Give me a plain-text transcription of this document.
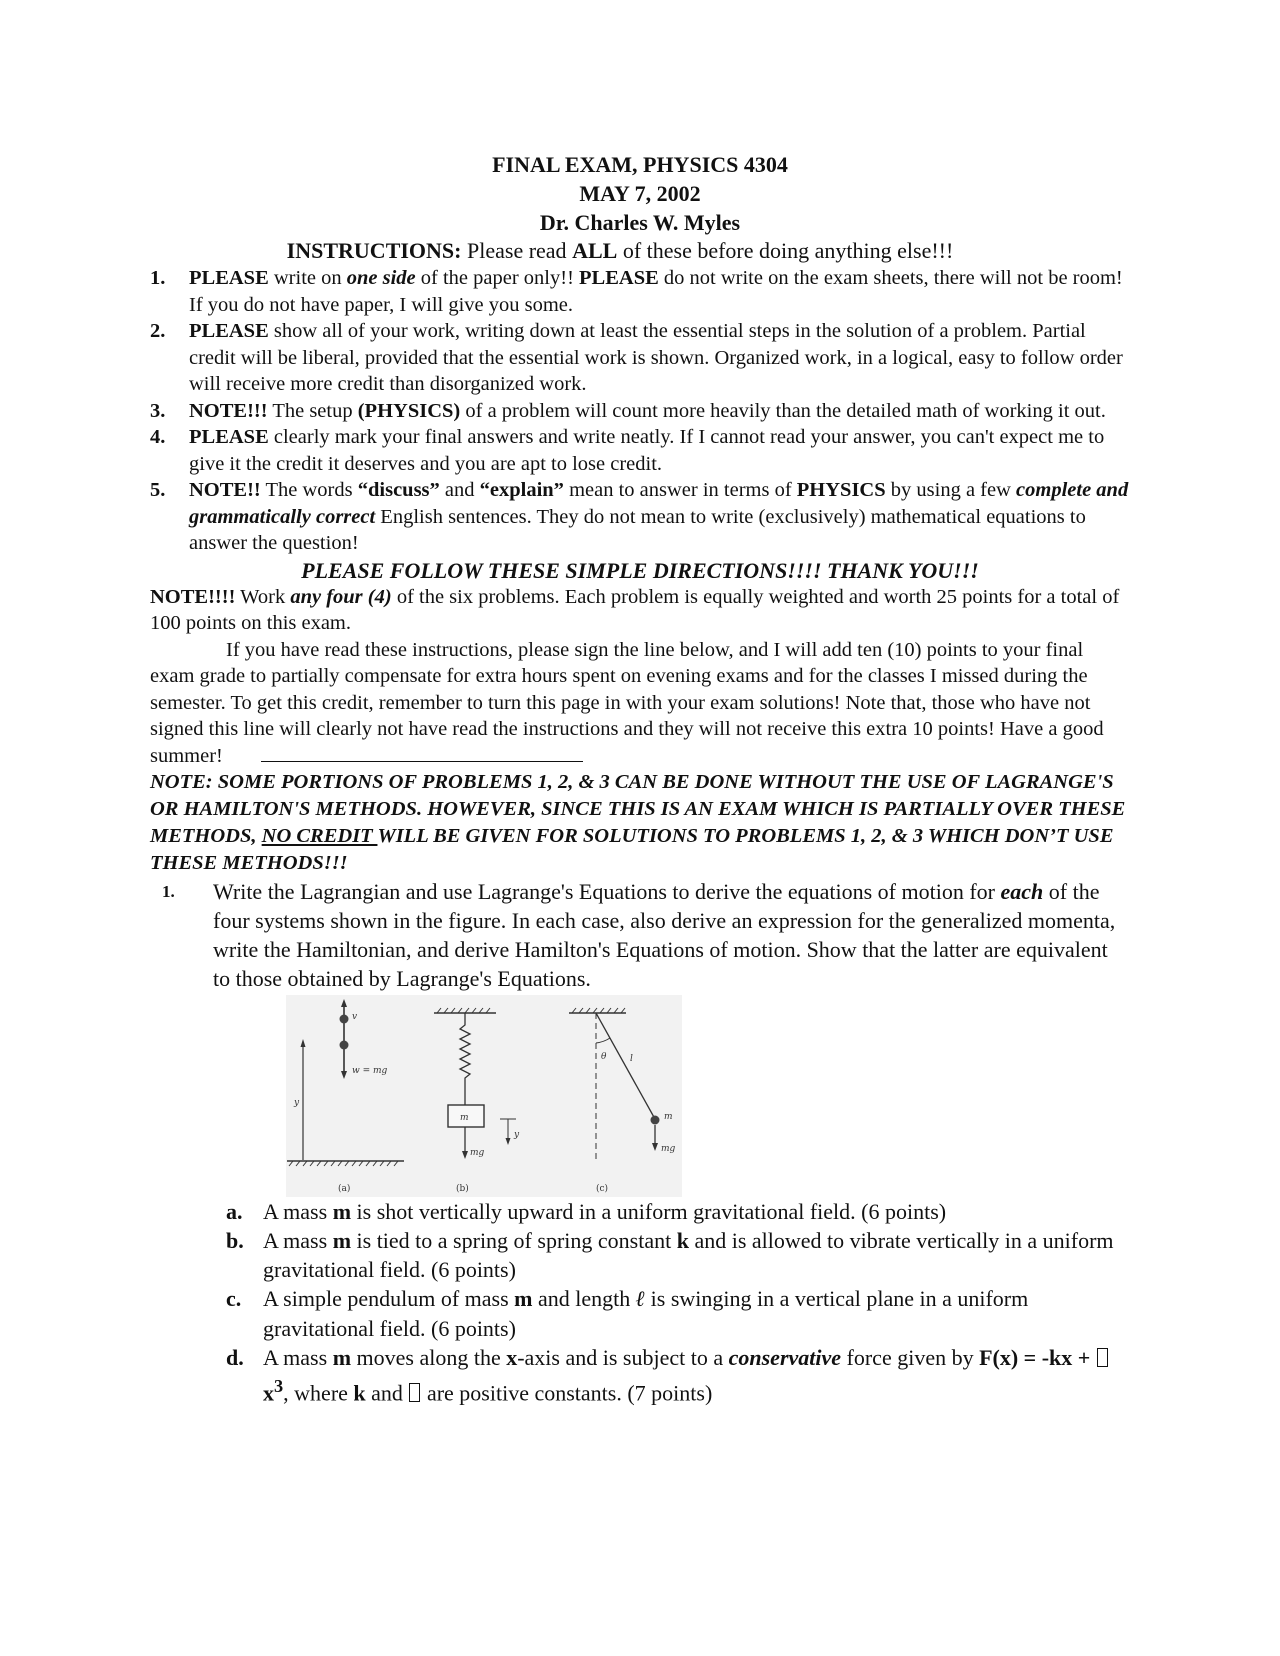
FINAL EXAM, PHYSICS 4304
MAY 7, 2002
Dr. Charles W. Myles
INSTRUCTIONS: Please read ALL of these before doing anything else!!!
1. PLEASE write on one side of the paper only!! PLEASE do not write on the exam sheets, there will not be room! If you do not have paper, I will give you some.
2. PLEASE show all of your work, writing down at least the essential steps in the solution of a problem. Partial credit will be liberal, provided that the essential work is shown. Organized work, in a logical, easy to follow order will receive more credit than disorganized work.
3. NOTE!!! The setup (PHYSICS) of a problem will count more heavily than the detailed math of working it out.
4. PLEASE clearly mark your final answers and write neatly. If I cannot read your answer, you can't expect me to give it the credit it deserves and you are apt to lose credit.
5. NOTE!! The words “discuss” and “explain” mean to answer in terms of PHYSICS by using a few complete and grammatically correct English sentences. They do not mean to write (exclusively) mathematical equations to answer the question!
PLEASE FOLLOW THESE SIMPLE DIRECTIONS!!!! THANK YOU!!!
NOTE!!!! Work any four (4) of the six problems. Each problem is equally weighted and worth 25 points for a total of 100 points on this exam.
If you have read these instructions, please sign the line below, and I will add ten (10) points to your final exam grade to partially compensate for extra hours spent on evening exams and for the classes I missed during the semester. To get this credit, remember to turn this page in with your exam solutions! Note that, those who have not signed this line will clearly not have read the instructions and they will not receive this extra 10 points! Have a good summer!
NOTE: SOME PORTIONS OF PROBLEMS 1, 2, & 3 CAN BE DONE WITHOUT THE USE OF LAGRANGE'S OR HAMILTON'S METHODS. HOWEVER, SINCE THIS IS AN EXAM WHICH IS PARTIALLY OVER THESE METHODS, NO CREDIT WILL BE GIVEN FOR SOLUTIONS TO PROBLEMS 1, 2, & 3 WHICH DON’T USE THESE METHODS!!!
1. Write the Lagrangian and use Lagrange's Equations to derive the equations of motion for each of the four systems shown in the figure. In each case, also derive an expression for the generalized momenta, write the Hamiltonian, and derive Hamilton's Equations of motion. Show that the latter are equivalent to those obtained by Lagrange's Equations.
y
v
w = mg
(a)
m
mg
y
(b)
θ	l
m
mg
(c)
a. A mass m is shot vertically upward in a uniform gravitational field. (6 points)
b. A mass m is tied to a spring of spring constant k and is allowed to vibrate vertically in a uniform gravitational field. (6 points)
c. A simple pendulum of mass m and length ℓ is swinging in a vertical plane in a uniform
gravitational field. (6 points)
d. A mass m moves along the x-axis and is subject to a conservative force given by $F(x) = -kx + x^3$, where k and  are positive constants. (7 points)
